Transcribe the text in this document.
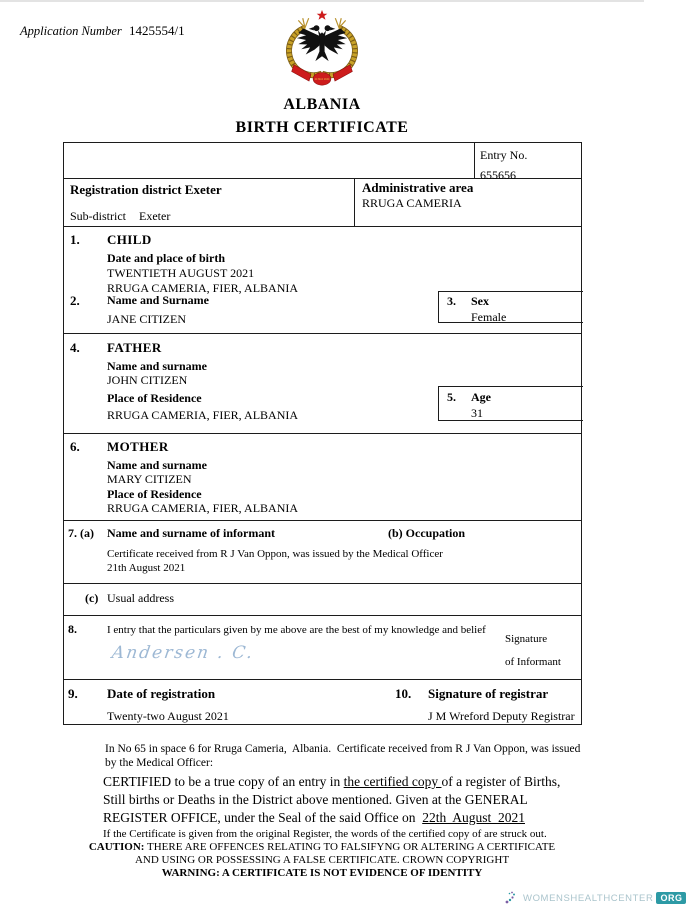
Application Number 1425554/1
24 MAJ 1944
ALBANIA
BIRTH CERTIFICATE
Entry No.
655656
Registration district Exeter
Sub-district Exeter
Administrative area
RRUGA CAMERIA
1. CHILD
Date and place of birth
TWENTIETH AUGUST 2021
RRUGA CAMERIA, FIER, ALBANIA
2. Name and Surname
JANE CITIZEN
3. Sex
Female
4. FATHER
Name and surname
JOHN CITIZEN
Place of Residence
RRUGA CAMERIA, FIER, ALBANIA
5. Age
31
6. MOTHER
Name and surname
MARY CITIZEN
Place of Residence
RRUGA CAMERIA, FIER, ALBANIA
7. (a) Name and surname of informant	(b) Occupation
Certificate received from R J Van Oppon, was issued by the Medical Officer
21th August 2021
(c) Usual address
8.	I entry that the particulars given by me above are the best of my knowledge and belief
Andersen . C.
Signature
of Informant
9. Date of registration
Twenty-two August 2021
10. Signature of registrar
J M Wreford Deputy Registrar
In No 65 in space 6 for Rruga Cameria,  Albania.  Certificate received from R J Van Oppon, was issued by the Medical Officer:
CERTIFIED to be a true copy of an entry in the certified copy of a register of Births, Still births or Deaths in the District above mentioned. Given at the GENERAL REGISTER OFFICE, under the Seal of the said Office on  22th  August  2021
If the Certificate is given from the original Register, the words of the certified copy of are struck out.
CAUTION: THERE ARE OFFENCES RELATING TO FALSIFYNG OR ALTERING A CERTIFICATE
AND USING OR POSSESSING A FALSE CERTIFICATE. CROWN COPYRIGHT
WARNING: A CERTIFICATE IS NOT EVIDENCE OF IDENTITY
WOMENSHEALTHCENTER ORG
